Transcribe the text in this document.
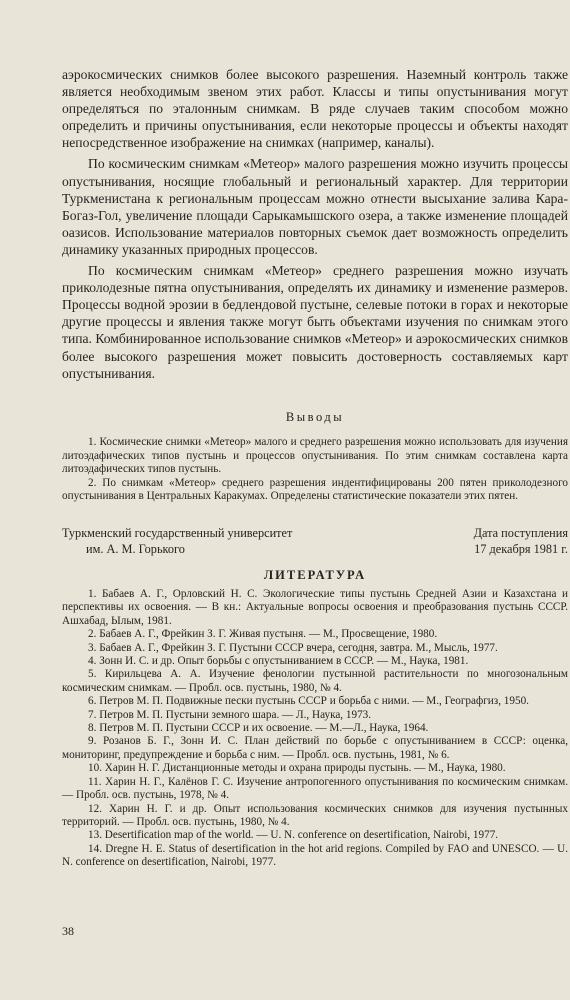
аэрокосмических снимков более высокого разрешения. Наземный контроль также является необходимым звеном этих работ. Классы и типы опустынивания могут определяться по эталонным снимкам. В ряде случаев таким способом можно определить и причины опустынивания, если некоторые процессы и объекты находят непосредственное изображение на снимках (например, каналы).

По космическим снимкам «Метеор» малого разрешения можно изучить процессы опустынивания, носящие глобальный и региональный характер. Для территории Туркменистана к региональным процессам можно отнести высыхание залива Кара-Богаз-Гол, увеличение площади Сарыкамышского озера, а также изменение площадей оазисов. Использование материалов повторных съемок дает возможность определить динамику указанных природных процессов.

По космическим снимкам «Метеор» среднего разрешения можно изучать приколодезные пятна опустынивания, определять их динамику и изменение размеров. Процессы водной эрозии в бедлендовой пустыне, селевые потоки в горах и некоторые другие процессы и явления также могут быть объектами изучения по снимкам этого типа. Комбинированное использование снимков «Метеор» и аэрокосмических снимков более высокого разрешения может повысить достоверность составляемых карт опустынивания.

Выводы

1. Космические снимки «Метеор» малого и среднего разрешения можно использовать для изучения литоэдафических типов пустынь и процессов опустынивания. По этим снимкам составлена карта литоэдафических типов пустынь.

2. По снимкам «Метеор» среднего разрешения индентифицированы 200 пятен приколодезного опустынивания в Центральных Каракумах. Определены статистические показатели этих пятен.

Туркменский государственный университет	Дата поступления
им. А. М. Горького	17 декабря 1981 г.
ЛИТЕРАТУРА

1. Бабаев А. Г., Орловский Н. С. Экологические типы пустынь Средней Азии и Казахстана и перспективы их освоения. — В кн.: Актуальные вопросы освоения и преобразования пустынь СССР. Ашхабад, Ылым, 1981.

2. Бабаев А. Г., Фрейкин З. Г. Живая пустыня. — М., Просвещение, 1980.

3. Бабаев А. Г., Фрейкин З. Г. Пустыни СССР вчера, сегодня, завтра. М., Мысль, 1977.

4. Зонн И. С. и др. Опыт борьбы с опустыниванием в СССР. — М., Наука, 1981.

5. Кирильцева А. А. Изучение фенологии пустынной растительности по многозональным космическим снимкам. — Пробл. осв. пустынь, 1980, № 4.

6. Петров М. П. Подвижные пески пустынь СССР и борьба с ними. — М., Географгиз, 1950.

7. Петров М. П. Пустыни земного шара. — Л., Наука, 1973.

8. Петров М. П. Пустыни СССР и их освоение. — М.—Л., Наука, 1964.

9. Розанов Б. Г., Зонн И. С. План действий по борьбе с опустыниванием в СССР: оценка, мониторинг, предупреждение и борьба с ним. — Пробл. осв. пустынь, 1981, № 6.

10. Харин Н. Г. Дистанционные методы и охрана природы пустынь. — М., Наука, 1980.

11. Харин Н. Г., Калёнов Г. С. Изучение антропогенного опустынивания по космическим снимкам. — Пробл. осв. пустынь, 1978, № 4.

12. Харин Н. Г. и др. Опыт использования космических снимков для изучения пустынных территорий. — Пробл. осв. пустынь, 1980, № 4.

13. Desertification map of the world. — U. N. conference on desertification, Nairobi, 1977.

14. Dregne H. E. Status of desertification in the hot arid regions. Compiled by FAO and UNESCO. — U. N. conference on desertification, Nairobi, 1977.

38
